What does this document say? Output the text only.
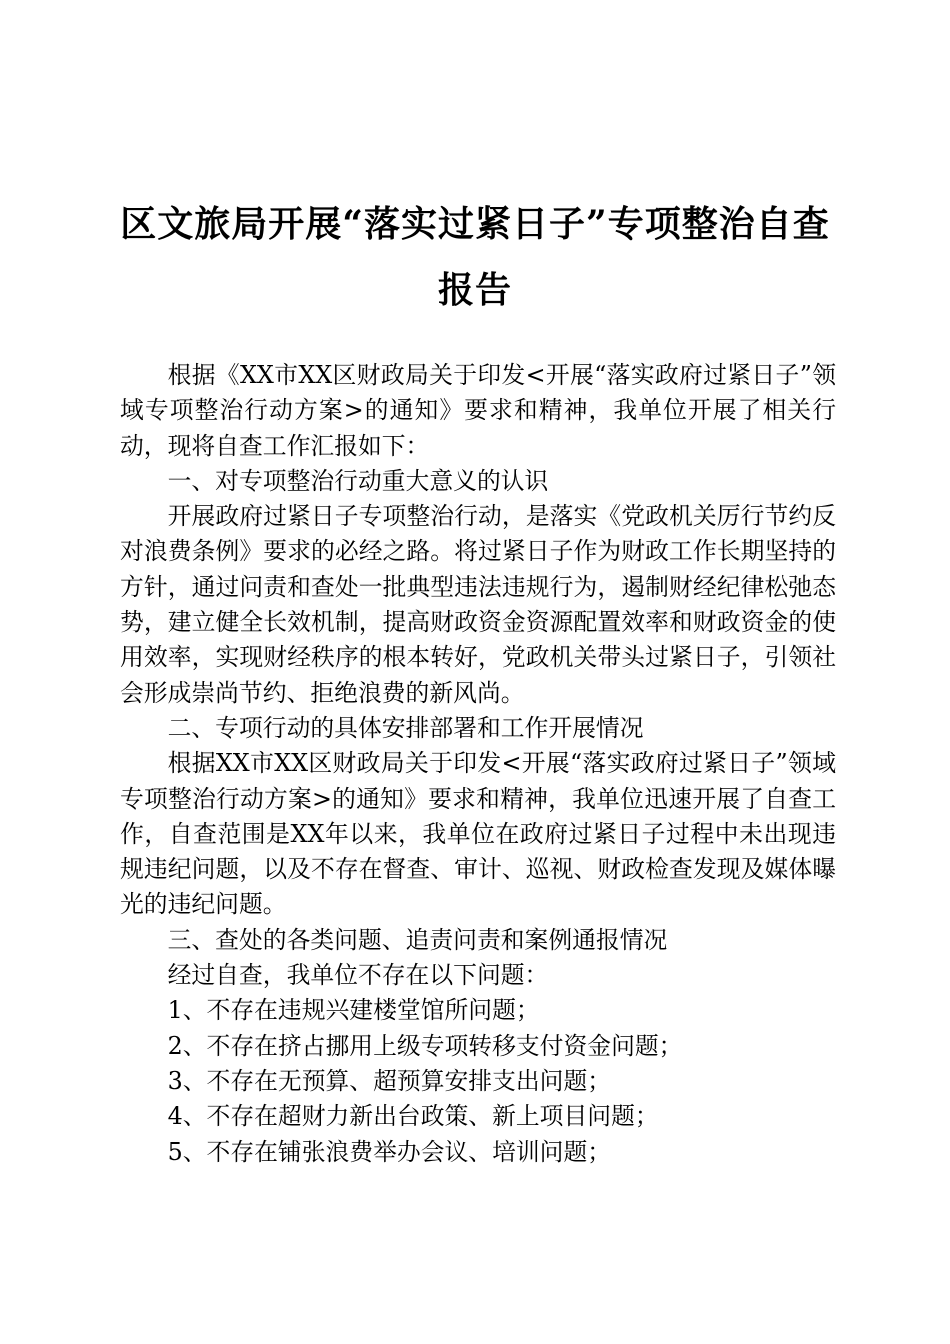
区文旅局开展“落实过紧日子”专项整治自查
报告

根据《XX市XX区财政局关于印发<开展“落实政府过紧日子”领域专项整治行动方案>的通知》要求和精神，我单位开展了相关行动，现将自查工作汇报如下：

一、对专项整治行动重大意义的认识

开展政府过紧日子专项整治行动，是落实《党政机关厉行节约反对浪费条例》要求的必经之路。将过紧日子作为财政工作长期坚持的方针，通过问责和查处一批典型违法违规行为，遏制财经纪律松弛态势，建立健全长效机制，提高财政资金资源配置效率和财政资金的使用效率，实现财经秩序的根本转好，党政机关带头过紧日子，引领社会形成崇尚节约、拒绝浪费的新风尚。

二、专项行动的具体安排部署和工作开展情况

根据XX市XX区财政局关于印发<开展“落实政府过紧日子”领域专项整治行动方案>的通知》要求和精神，我单位迅速开展了自查工作，自查范围是XX年以来，我单位在政府过紧日子过程中未出现违规违纪问题，以及不存在督查、审计、巡视、财政检查发现及媒体曝光的违纪问题。

三、查处的各类问题、追责问责和案例通报情况

经过自查，我单位不存在以下问题：

1、不存在违规兴建楼堂馆所问题；

2、不存在挤占挪用上级专项转移支付资金问题；

3、不存在无预算、超预算安排支出问题；

4、不存在超财力新出台政策、新上项目问题；

5、不存在铺张浪费举办会议、培训问题；
